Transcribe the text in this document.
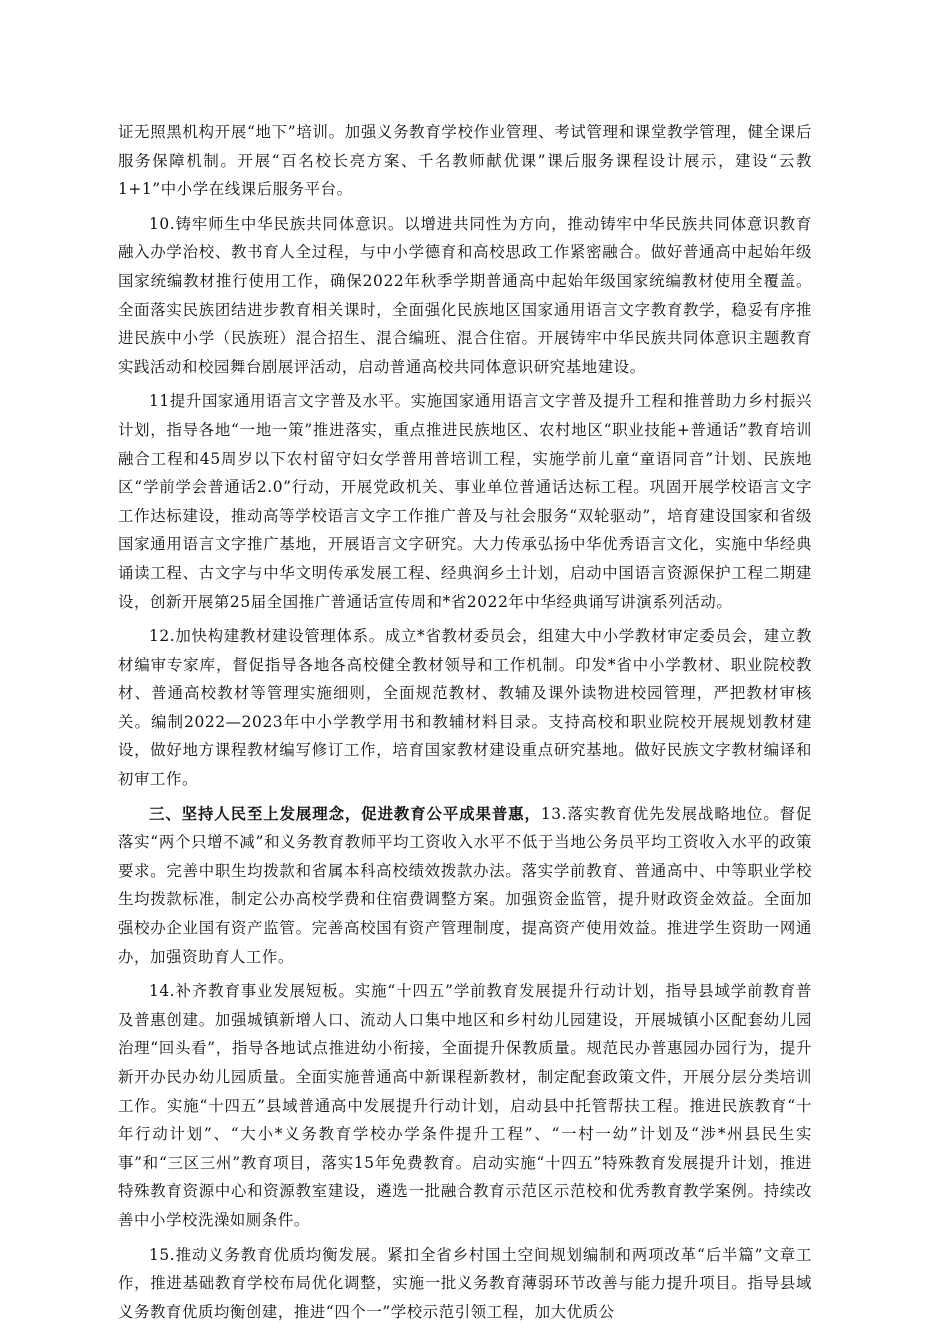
证无照黑机构开展“地下”培训。加强义务教育学校作业管理、考试管理和课堂教学管理，健全课后服务保障机制。开展“百名校长亮方案、千名教师献优课”课后服务课程设计展示，建设“云教1+1”中小学在线课后服务平台。

10.铸牢师生中华民族共同体意识。以增进共同性为方向，推动铸牢中华民族共同体意识教育融入办学治校、教书育人全过程，与中小学德育和高校思政工作紧密融合。做好普通高中起始年级国家统编教材推行使用工作，确保2022年秋季学期普通高中起始年级国家统编教材使用全覆盖。全面落实民族团结进步教育相关课时，全面强化民族地区国家通用语言文字教育教学，稳妥有序推进民族中小学（民族班）混合招生、混合编班、混合住宿。开展铸牢中华民族共同体意识主题教育实践活动和校园舞台剧展评活动，启动普通高校共同体意识研究基地建设。

11提升国家通用语言文字普及水平。实施国家通用语言文字普及提升工程和推普助力乡村振兴计划，指导各地“一地一策”推进落实，重点推进民族地区、农村地区“职业技能+普通话”教育培训融合工程和45周岁以下农村留守妇女学普用普培训工程，实施学前儿童“童语同音”计划、民族地区“学前学会普通话2.0”行动，开展党政机关、事业单位普通话达标工程。巩固开展学校语言文字工作达标建设，推动高等学校语言文字工作推广普及与社会服务“双轮驱动”，培育建设国家和省级国家通用语言文字推广基地，开展语言文字研究。大力传承弘扬中华优秀语言文化，实施中华经典诵读工程、古文字与中华文明传承发展工程、经典润乡土计划，启动中国语言资源保护工程二期建设，创新开展第25届全国推广普通话宣传周和*省2022年中华经典诵写讲演系列活动。

12.加快构建教材建设管理体系。成立*省教材委员会，组建大中小学教材审定委员会，建立教材编审专家库，督促指导各地各高校健全教材领导和工作机制。印发*省中小学教材、职业院校教材、普通高校教材等管理实施细则，全面规范教材、教辅及课外读物进校园管理，严把教材审核关。编制2022—2023年中小学教学用书和教辅材料目录。支持高校和职业院校开展规划教材建设，做好地方课程教材编写修订工作，培育国家教材建设重点研究基地。做好民族文字教材编译和初审工作。

三、坚持人民至上发展理念，促进教育公平成果普惠，13.落实教育优先发展战略地位。督促落实“两个只增不减”和义务教育教师平均工资收入水平不低于当地公务员平均工资收入水平的政策要求。完善中职生均拨款和省属本科高校绩效拨款办法。落实学前教育、普通高中、中等职业学校生均拨款标准，制定公办高校学费和住宿费调整方案。加强资金监管，提升财政资金效益。全面加强校办企业国有资产监管。完善高校国有资产管理制度，提高资产使用效益。推进学生资助一网通办，加强资助育人工作。

14.补齐教育事业发展短板。实施“十四五”学前教育发展提升行动计划，指导县域学前教育普及普惠创建。加强城镇新增人口、流动人口集中地区和乡村幼儿园建设，开展城镇小区配套幼儿园治理“回头看”，指导各地试点推进幼小衔接，全面提升保教质量。规范民办普惠园办园行为，提升新开办民办幼儿园质量。全面实施普通高中新课程新教材，制定配套政策文件，开展分层分类培训工作。实施“十四五”县域普通高中发展提升行动计划，启动县中托管帮扶工程。推进民族教育“十年行动计划”、“大小*义务教育学校办学条件提升工程”、“一村一幼”计划及“涉*州县民生实事”和“三区三州”教育项目，落实15年免费教育。启动实施“十四五”特殊教育发展提升计划，推进特殊教育资源中心和资源教室建设，遴选一批融合教育示范区示范校和优秀教育教学案例。持续改善中小学校洗澡如厕条件。

15.推动义务教育优质均衡发展。紧扣全省乡村国土空间规划编制和两项改革“后半篇”文章工作，推进基础教育学校布局优化调整，实施一批义务教育薄弱环节改善与能力提升项目。指导县域义务教育优质均衡创建，推进“四个一”学校示范引领工程，加大优质公
